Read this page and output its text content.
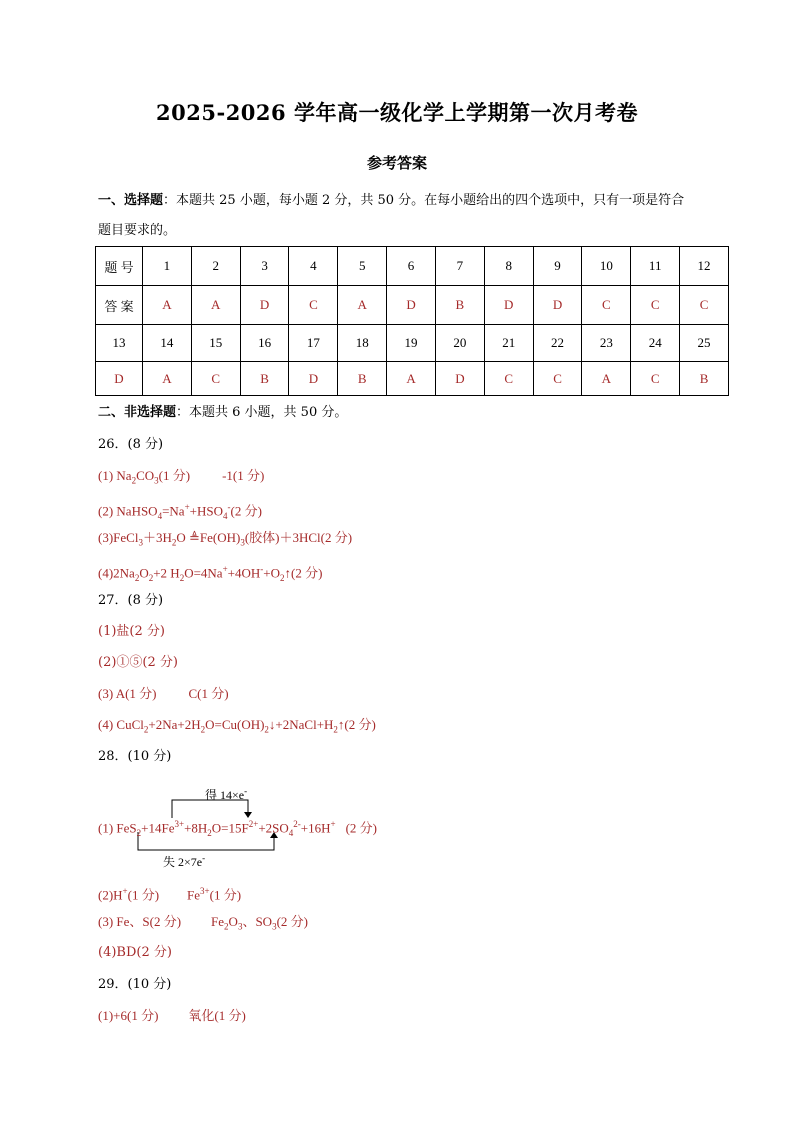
2025-2026 学年高一级化学上学期第一次月考卷
参考答案
一、选择题：本题共 25 小题，每小题 2 分，共 50 分。在每小题给出的四个选项中，只有一项是符合
题目要求的。
题 号	1	2	3	4	5	6	7	8	9	10	11	12
答 案	A	A	D	C	A	D	B	D	D	C	C	C
13	14	15	16	17	18	19	20	21	22	23	24	25
D	A	C	B	D	B	A	D	C	C	A	C	B
二、非选择题：本题共 6 小题，共 50 分。
26．(8 分)
(1) $Na_2CO_3(1$ 分) -1(1 分)
(2) $NaHSO_4=Na^++HSO_4^-(2$ 分)
$(3)FeCl_3+3H_2O$ $≜Fe(OH)_3$(胶体)＋3HCl(2 分)
$(4)2Na_2O_2+2$ $H_2O=4Na^++4OH^-+O_2↑(2$ 分)
27．(8 分)
(1)盐(2 分)
(2)①⑤(2 分)
(3) A(1 分) C(1 分)
(4) $CuCl_2+2Na+2H_2O=Cu(OH)_2↓+2NaCl+H_2↑(2$ 分)
28．(10 分)
得 14×e-
失 2×7e-
(1) $FeS_2+14Fe^{3+}+8H_2O=15F^{2+}+2SO_4^{2-}+16H^+$ (2 分)
(2)H+(1 分) $Fe^{3+}(1$ 分)
(3) Fe、S(2 分) $Fe_2O_3$、$SO_3(2$ 分)
(4)BD(2 分)
29．(10 分)
(1)+6(1 分) 氧化(1 分)
